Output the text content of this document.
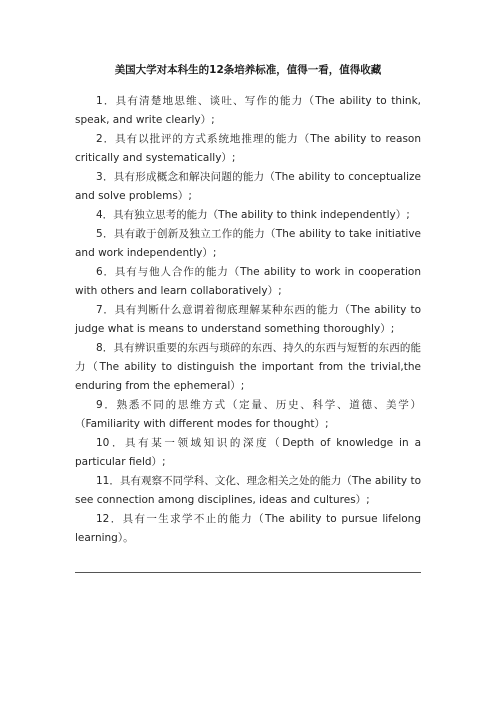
美国大学对本科生的12条培养标准，值得一看，值得收藏

1．具有清楚地思维、谈吐、写作的能力（The ability to think, speak, and write clearly）;

2．具有以批评的方式系统地推理的能力（The ability to reason critically and systematically）;

3．具有形成概念和解决问题的能力（The ability to conceptualize and solve problems）;

4．具有独立思考的能力（The ability to think independently）;

5．具有敢于创新及独立工作的能力（The ability to take initiative and work independently）;

6．具有与他人合作的能力（The ability to work in cooperation with others and learn collaboratively）;

7．具有判断什么意谓着彻底理解某种东西的能力（The ability to judge what is means to understand something thoroughly）;

8．具有辨识重要的东西与琐碎的东西、持久的东西与短暂的东西的能力（The ability to distinguish the important from the trivial,the enduring from the ephemeral）;

9．熟悉不同的思维方式（定量、历史、科学、道德、美学）（Familiarity with different modes for thought）;

10．具有某一领域知识的深度（Depth of knowledge in a particular field）;

11．具有观察不同学科、文化、理念相关之处的能力（The ability to see connection among disciplines, ideas and cultures）;

12．具有一生求学不止的能力（The ability to pursue lifelong learning）。
